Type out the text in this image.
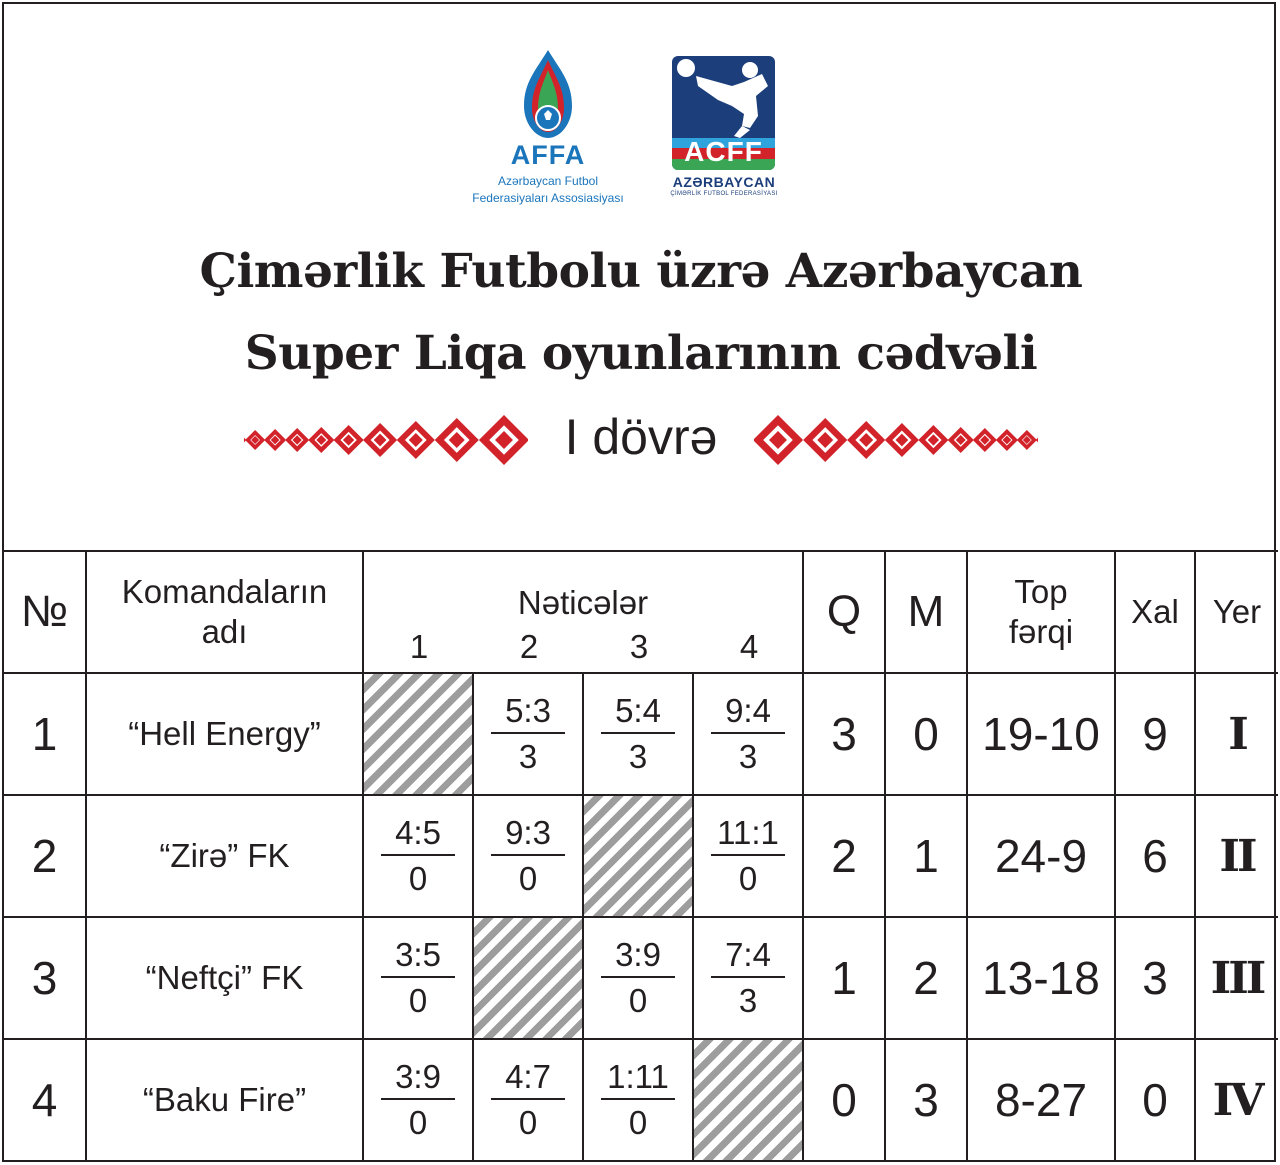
AFFA
Azərbaycan Futbol
Federasiyaları Assosiasiyası
ACFF
AZƏRBAYCAN
ÇİMƏRLİK FUTBOL FEDERASİYASI
Çimərlik Futbolu üzrə Azərbaycan
Super Liqa oyunlarının cədvəli
I dövrə
№	Komandaların adı	Nəticələr
1 2 3 4				Q	M	Top fərqi	Xal	Yer
1	“Hell Energy”		$\frac{5:3}{3}$	$\frac{5:4}{3}$	$\frac{9:4}{3}$	3	0	19-10	9	I
2	“Zirə” FK	$\frac{4:5}{0}$	$\frac{9:3}{0}$		$\frac{11:1}{0}$	2	1	24-9	6	II
3	“Neftçi” FK	$\frac{3:5}{0}$		$\frac{3:9}{0}$	$\frac{7:4}{3}$	1	2	13-18	3	III
4	“Baku Fire”	$\frac{3:9}{0}$	$\frac{4:7}{0}$	$\frac{1:11}{0}$		0	3	8-27	0	IV
